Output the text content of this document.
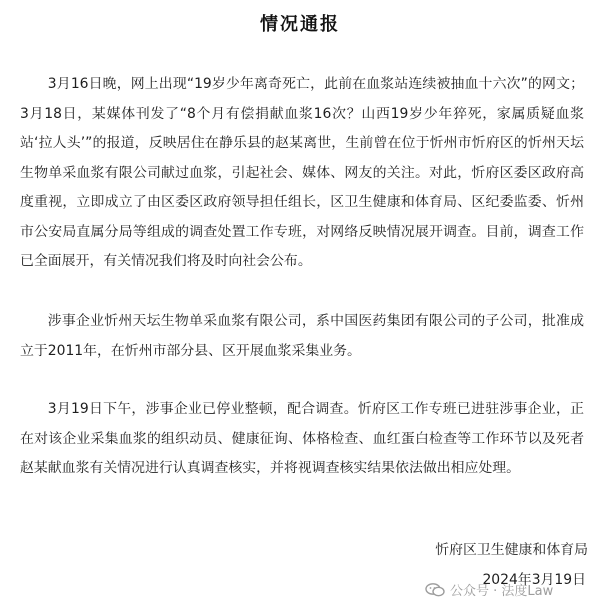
情况通报

3月16日晚，网上出现“19岁少年离奇死亡，此前在血浆站连续被抽血十六次”的网文；3月18日，某媒体刊发了“8个月有偿捐献血浆16次？山西19岁少年猝死，家属质疑血浆站‘拉人头’”的报道，反映居住在静乐县的赵某离世，生前曾在位于忻州市忻府区的忻州天坛生物单采血浆有限公司献过血浆，引起社会、媒体、网友的关注。对此，忻府区委区政府高度重视，立即成立了由区委区政府领导担任组长，区卫生健康和体育局、区纪委监委、忻州市公安局直属分局等组成的调查处置工作专班，对网络反映情况展开调查。目前，调查工作已全面展开，有关情况我们将及时向社会公布。

涉事企业忻州天坛生物单采血浆有限公司，系中国医药集团有限公司的子公司，批准成立于2011年，在忻州市部分县、区开展血浆采集业务。

3月19日下午，涉事企业已停业整顿，配合调查。忻府区工作专班已进驻涉事企业，正在对该企业采集血浆的组织动员、健康征询、体格检查、血红蛋白检查等工作环节以及死者赵某献血浆有关情况进行认真调查核实，并将视调查核实结果依法做出相应处理。

忻府区卫生健康和体育局
2024年3月19日
公众号 · 法度Law
